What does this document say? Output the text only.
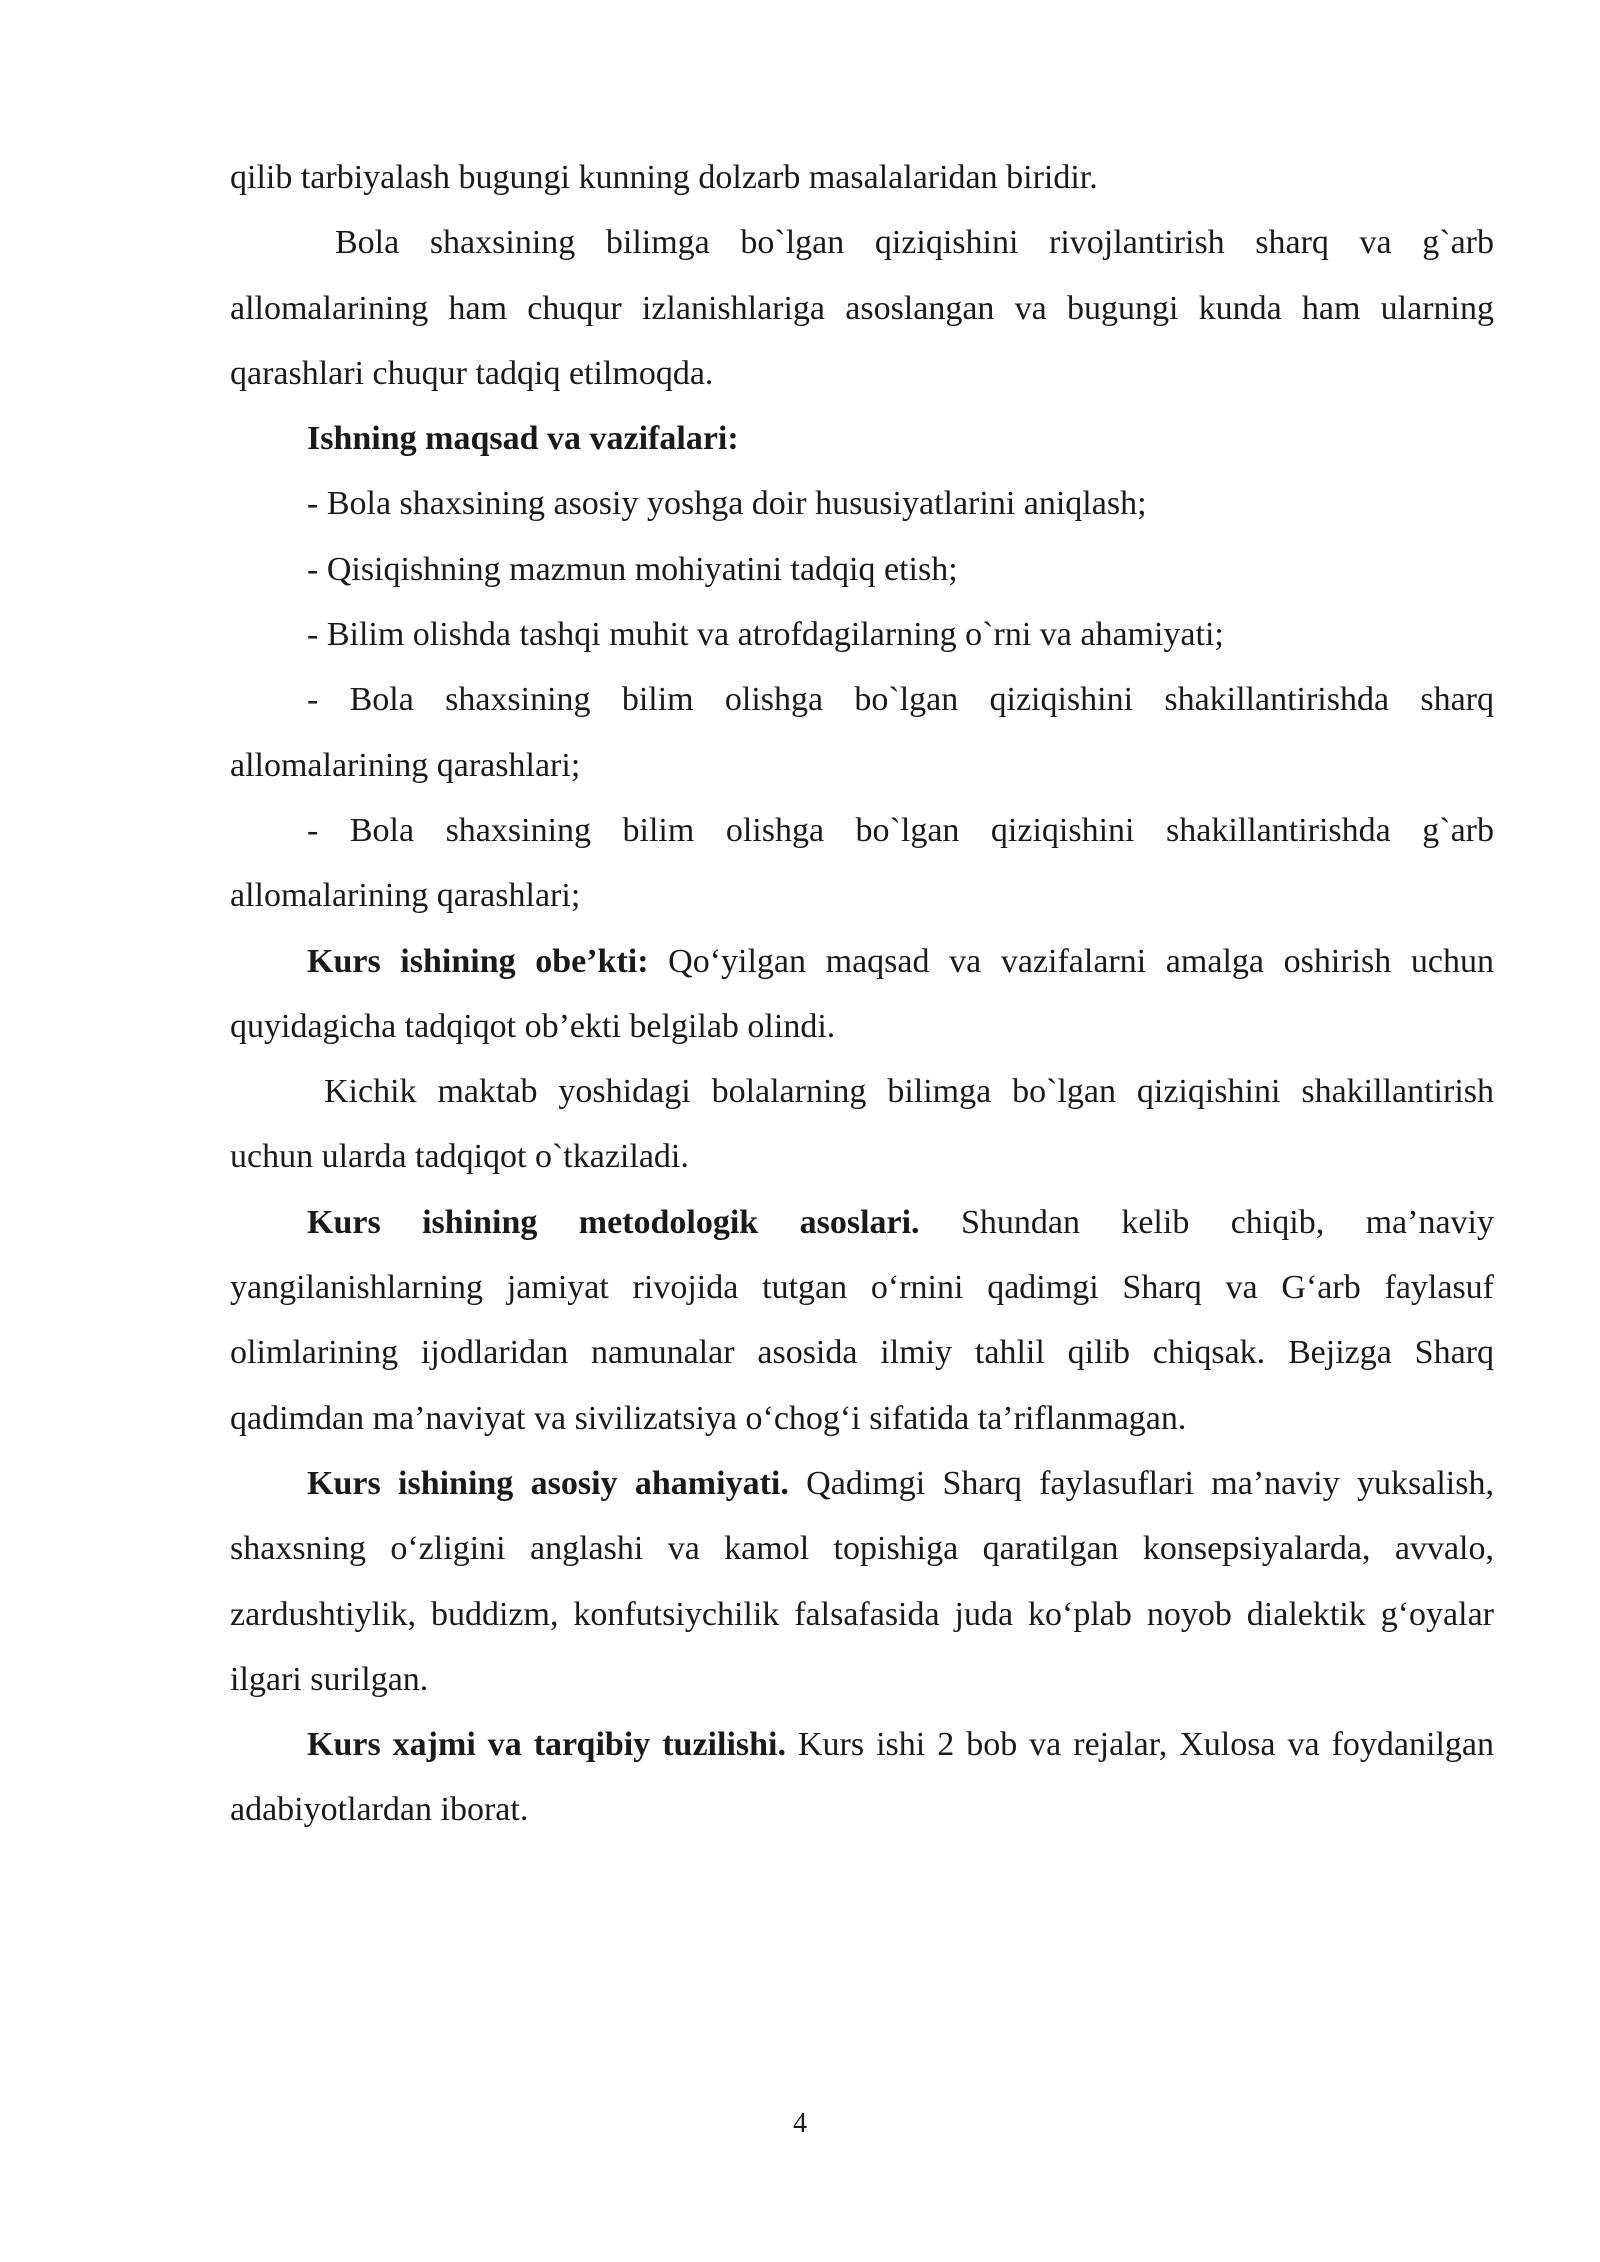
qilib tarbiyalash bugungi kunning dolzarb masalalaridan biridir.

Bola shaxsining bilimga bo`lgan qiziqishini rivojlantirish sharq va g`arb allomalarining ham chuqur izlanishlariga asoslangan va bugungi kunda ham ularning qarashlari chuqur tadqiq etilmoqda.

Ishning maqsad va vazifalari:

- Bola shaxsining asosiy yoshga doir hususiyatlarini aniqlash;

- Qisiqishning mazmun mohiyatini tadqiq etish;

- Bilim olishda tashqi muhit va atrofdagilarning o`rni va ahamiyati;

- Bola shaxsining bilim olishga bo`lgan qiziqishini shakillantirishda sharq allomalarining qarashlari;

- Bola shaxsining bilim olishga bo`lgan qiziqishini shakillantirishda g`arb allomalarining qarashlari;

Kurs ishining obe’kti: Qo‘yilgan maqsad va vazifalarni amalga oshirish uchun quyidagicha tadqiqot ob’ekti belgilab olindi.

Kichik maktab yoshidagi bolalarning bilimga bo`lgan qiziqishini shakillantirish uchun ularda tadqiqot o`tkaziladi.

Kurs ishining metodologik asoslari. Shundan kelib chiqib, ma’naviy yangilanishlarning jamiyat rivojida tutgan o‘rnini qadimgi Sharq va G‘arb faylasuf olimlarining ijodlaridan namunalar asosida ilmiy tahlil qilib chiqsak. Bejizga Sharq qadimdan ma’naviyat va sivilizatsiya o‘chog‘i sifatida ta’riflanmagan.

Kurs ishining asosiy ahamiyati. Qadimgi Sharq faylasuflari ma’naviy yuksalish, shaxsning o‘zligini anglashi va kamol topishiga qaratilgan konsepsiyalarda, avvalo, zardushtiylik, buddizm, konfutsiychilik falsafasida juda ko‘plab noyob dialektik g‘oyalar ilgari surilgan.

Kurs xajmi va tarqibiy tuzilishi. Kurs ishi 2 bob va rejalar, Xulosa va foydanilgan adabiyotlardan iborat.

4
